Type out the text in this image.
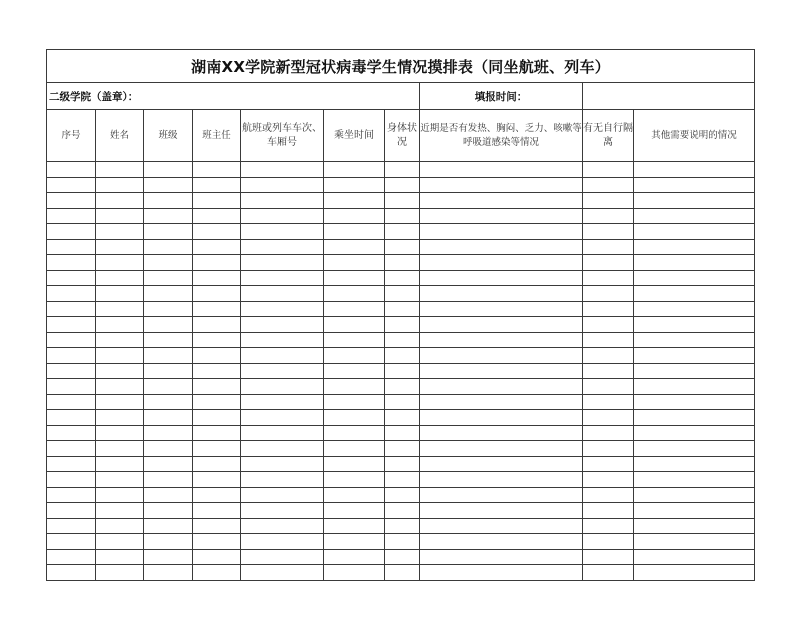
湖南XX学院新型冠状病毒学生情况摸排表（同坐航班、列车）									
二级学院（盖章）：							填报时间：		
序号	姓名	班级	班主任	航班或列车车次、车厢号	乘坐时间	身体状况	近期是否有发热、胸闷、乏力、咳嗽等呼吸道感染等情况	有无自行隔离	其他需要说明的情况
